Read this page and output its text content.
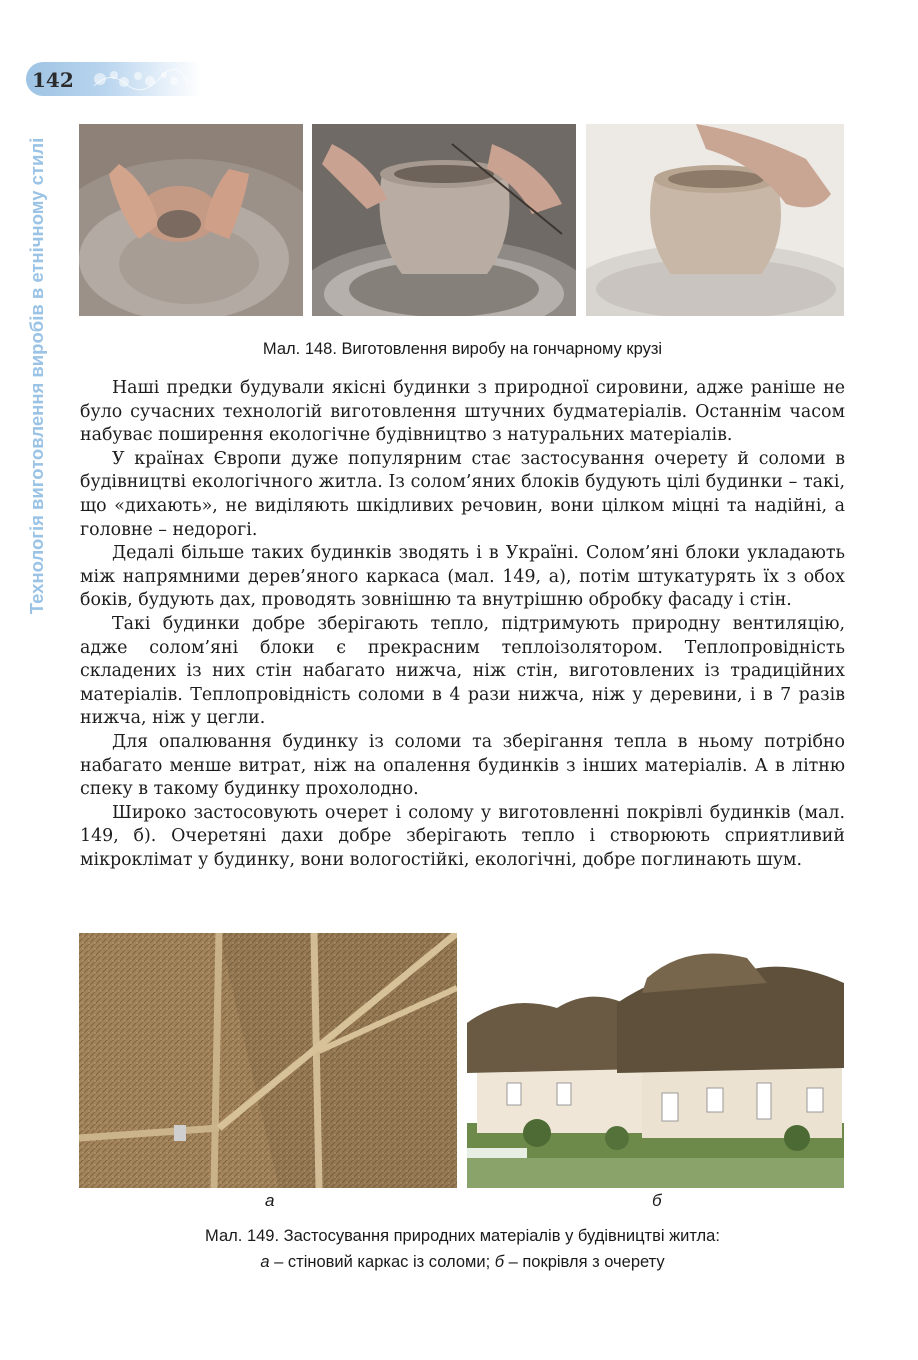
142
Технологія виготовлення виробів в етнічному стилі	Мал. 148. Виготовлення виробу на гончарному крузі

Наші предки будували якісні будинки з природної сировини, адже раніше не було сучасних технологій виготовлення штучних будматеріалів. Останнім часом набуває поширення екологічне будівництво з натуральних матеріалів.

У країнах Європи дуже популярним стає застосування очерету й соломи в будівництві екологічного житла. Із солом’яних блоків будують цілі будинки – такі, що «дихають», не виділяють шкідливих речовин, вони цілком міцні та надійні, а головне – недорогі.

Дедалі більше таких будинків зводять і в Україні. Солом’яні блоки укладають між напрямними дерев’яного каркаса (мал. 149, а), потім штукатурять їх з обох боків, будують дах, проводять зовнішню та внутрішню обробку фасаду і стін.

Такі будинки добре зберігають тепло, підтримують природну вентиляцію, адже солом’яні блоки є прекрасним теплоізолятором. Теплопровідність складених із них стін набагато нижча, ніж стін, виготовлених із традиційних матеріалів. Теплопровідність соломи в 4 рази нижча, ніж у деревини, і в 7 разів нижча, ніж у цегли.

Для опалювання будинку із соломи та зберігання тепла в ньому потрібно набагато менше витрат, ніж на опалення будинків з інших матеріалів. А в літню спеку в такому будинку прохолодно.

Широко застосовують очерет і солому у виготовленні покрівлі будинків (мал. 149, б). Очеретяні дахи добре зберігають тепло і створюють сприятливий мікроклімат у будинку, вони вологостійкі, екологічні, добре поглинають шум.

а	б
Мал. 149. Застосування природних матеріалів у будівництві житла:
а – стіновий каркас із соломи; б – покрівля з очерету
